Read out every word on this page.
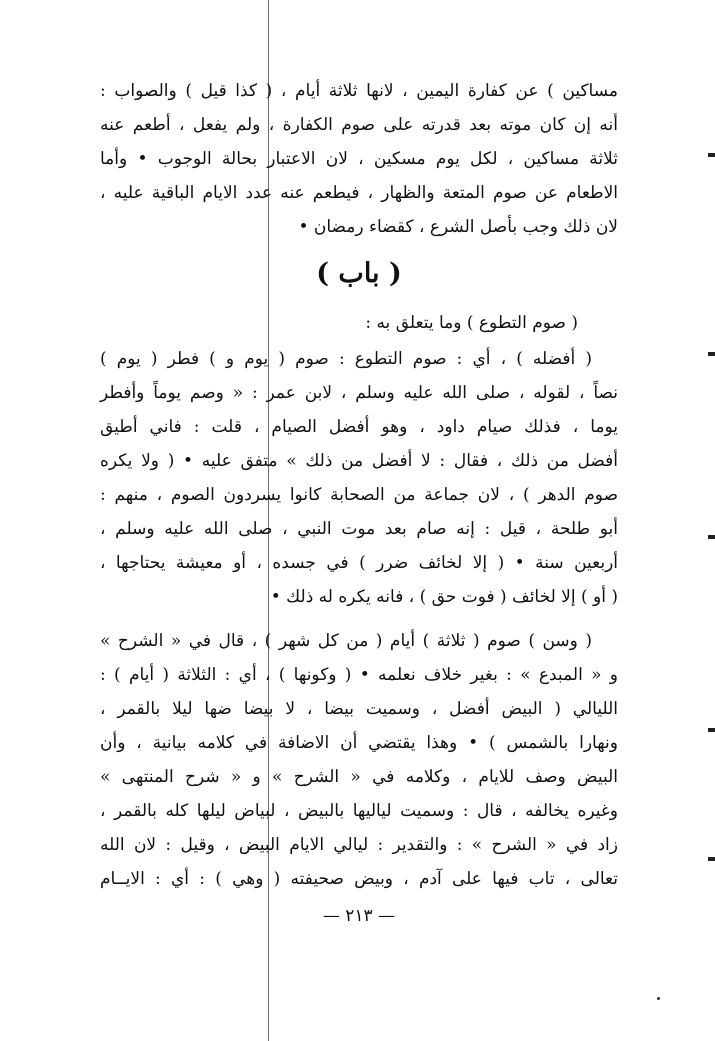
مساكين ) عن كفارة اليمين ، لانها ثلاثة أيام ، ( كذا قيل ) والصواب :
أنه إن كان موته بعد قدرته على صوم الكفارة ، ولم يفعل ، أطعم عنه
ثلاثة مساكين ، لكل يوم مسكين ، لان الاعتبار بحالة الوجوب • وأما
الاطعام عن صوم المتعة والظهار ، فيطعم عنه عدد الايام الباقية عليه ،
لان ذلك وجب بأصل الشرع ، كقضاء رمضان •
( باب )
( صوم التطوع ) وما يتعلق به :
( أفضله ) ، أي : صوم التطوع : صوم ( يوم و ) فطر ( يوم )
نصاً ، لقوله ، صلى الله عليه وسلم ، لابن عمر : « وصم يوماً وأفطر
يوما ، فذلك صيام داود ، وهو أفضل الصيام ، قلت : فاني أطيق
أفضل من ذلك ، فقال : لا أفضل من ذلك » متفق عليه • ( ولا يكره
صوم الدهر ) ، لان جماعة من الصحابة كانوا يسردون الصوم ، منهم :
أبو طلحة ، قيل : إنه صام بعد موت النبي ، صلى الله عليه وسلم ،
أربعين سنة • ( إلا لخائف ضرر ) في جسده ، أو معيشة يحتاجها ،
( أو ) إلا لخائف ( فوت حق ) ، فانه يكره له ذلك •
( وسن ) صوم ( ثلاثة ) أيام ( من كل شهر ) ، قال في « الشرح »
و « المبدع » : بغير خلاف نعلمه • ( وكونها ) ، أي : الثلاثة ( أيام ) :
الليالي ( البيض أفضل ، وسميت بيضا ، لا بيضا ضها ليلا بالقمر ،
ونهارا بالشمس ) • وهذا يقتضي أن الاضافة في كلامه بيانية ، وأن
البيض وصف للايام ، وكلامه في « الشرح » و « شرح المنتهى »
وغيره يخالفه ، قال : وسميت لياليها بالبيض ، لبياض ليلها كله بالقمر ،
زاد في « الشرح » : والتقدير : ليالي الايام البيض ، وقيل : لان الله
تعالى ، تاب فيها على آدم ، وبيض صحيفته ( وهي ) : أي : الايــام
— ٢١٣ —
